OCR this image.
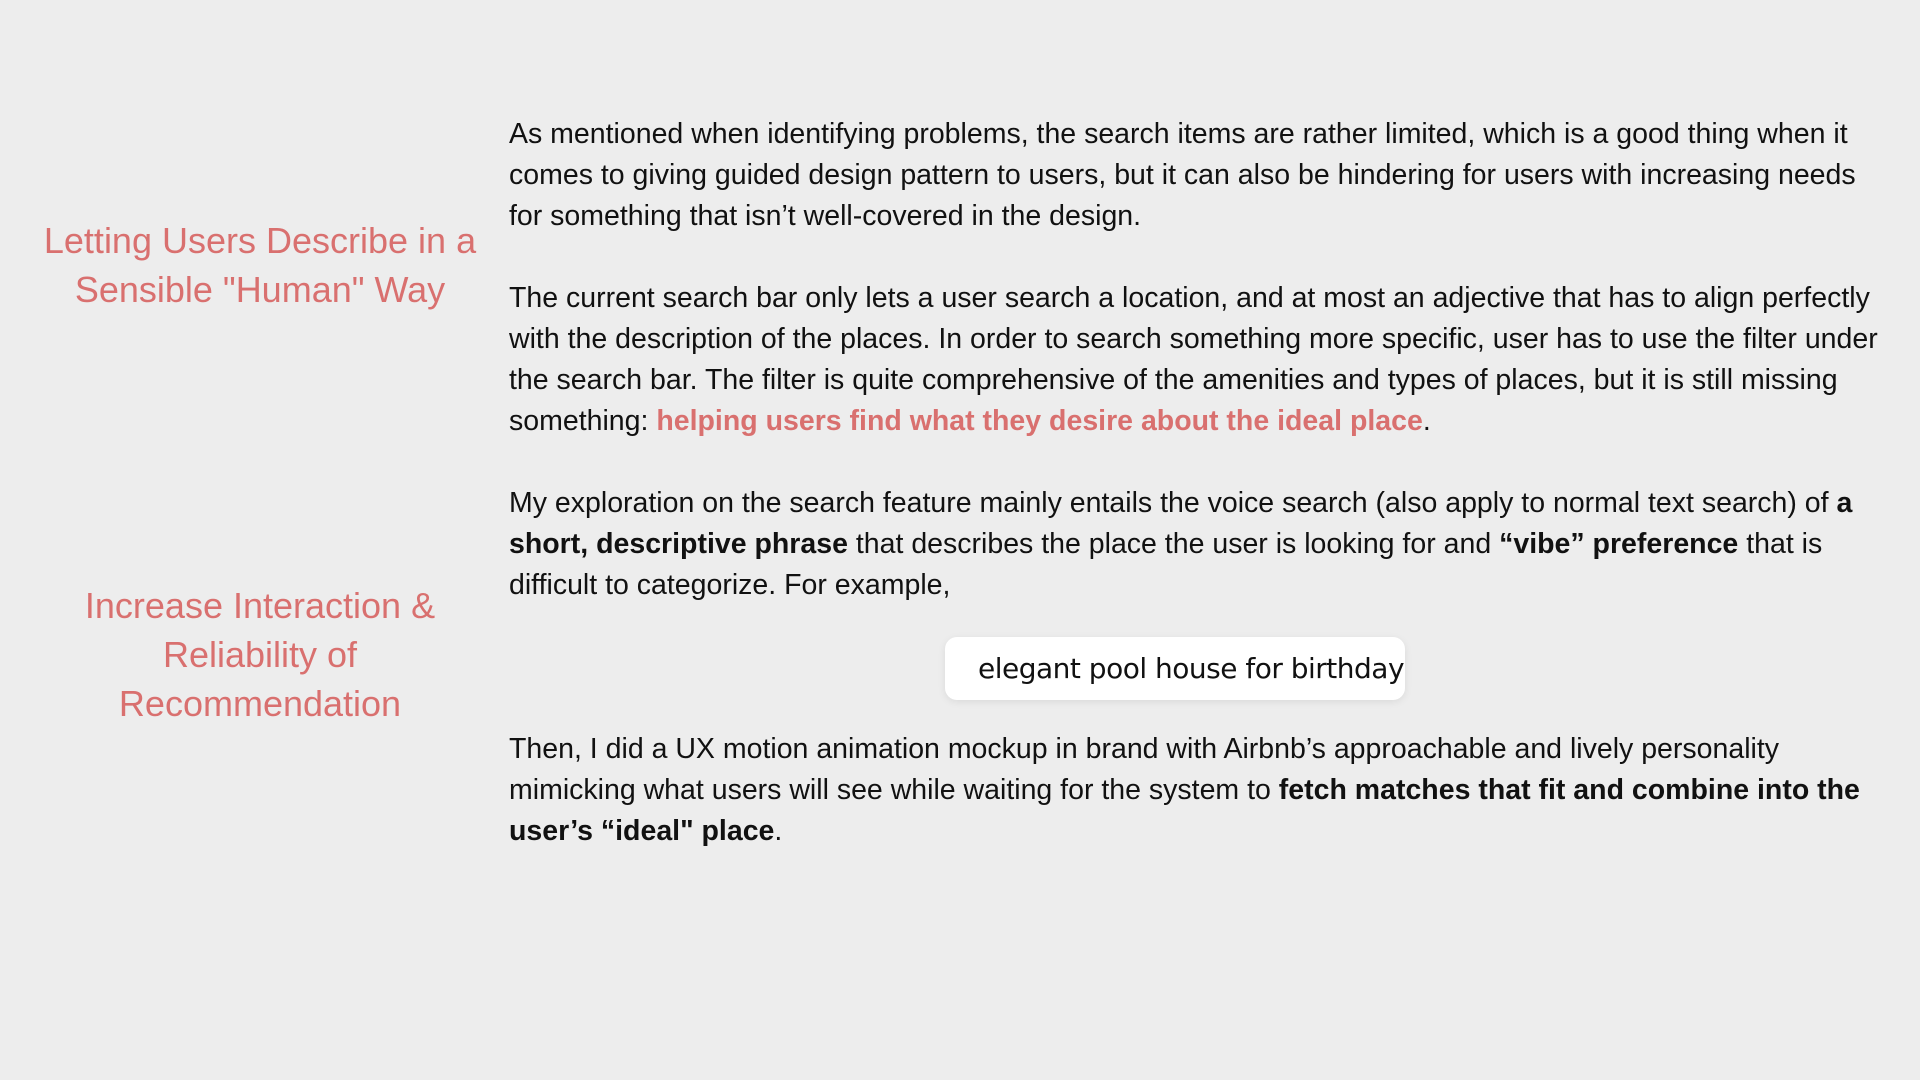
Letting Users Describe in a Sensible "Human" Way
Increase Interaction & Reliability of Recommendation

As mentioned when identifying problems, the search items are rather limited, which is a good thing when it comes to giving guided design pattern to users, but it can also be hindering for users with increasing needs for something that isn’t well-covered in the design.

The current search bar only lets a user search a location, and at most an adjective that has to align perfectly with the description of the places. In order to search something more specific, user has to use the filter under the search bar. The filter is quite comprehensive of the amenities and types of places, but it is still missing something: helping users find what they desire about the ideal place.

My exploration on the search feature mainly entails the voice search (also apply to normal text search) of a short, descriptive phrase that describes the place the user is looking for and “vibe” preference that is difficult to categorize. For example,

elegant pool house for birthday

Then, I did a UX motion animation mockup in brand with Airbnb’s approachable and lively personality mimicking what users will see while waiting for the system to fetch matches that fit and combine into the user’s “ideal" place.
